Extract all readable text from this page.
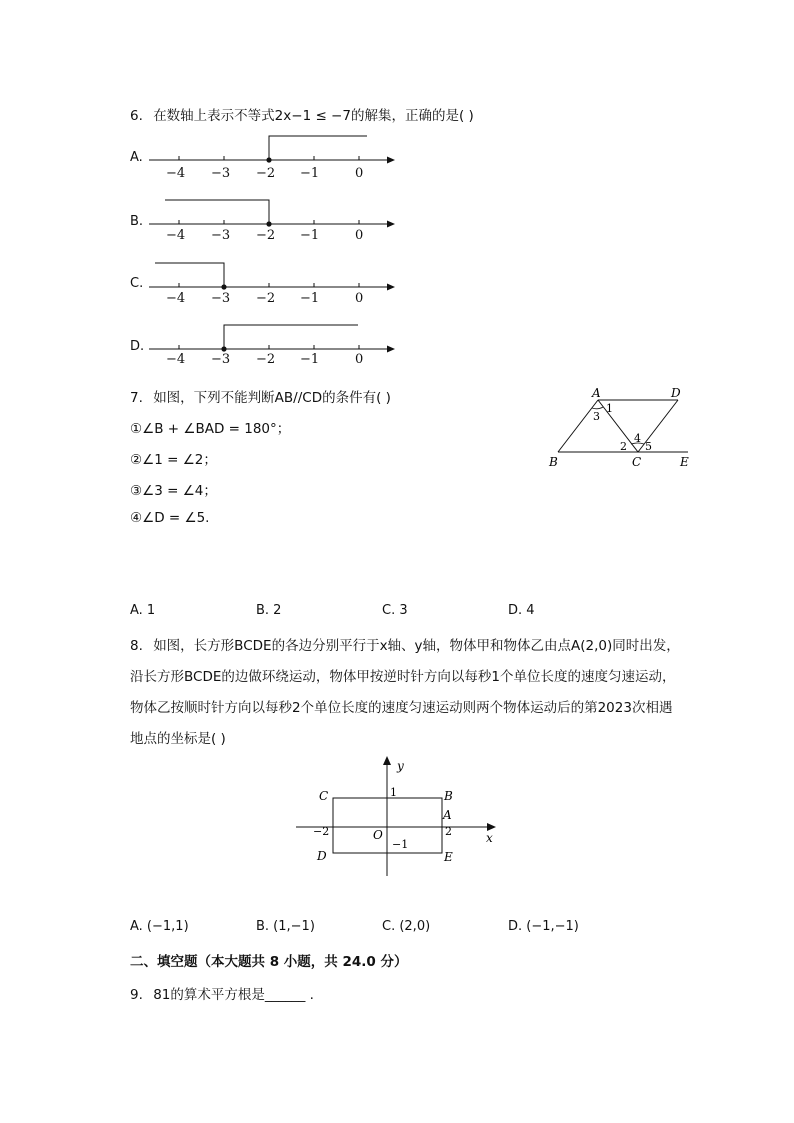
6. 在数轴上表示不等式2x−1 ≤ −7的解集，正确的是( )
A.
−4 −3 −2 −1	0
B.
−4 −3 −2 −1	0
C.
−4 −3 −2 −1	0
D.
−4 −3 −2 −1	0
7. 如图，下列不能判断AB//CD的条件有( )
①∠B + ∠BAD = 180°；
②∠1 = ∠2；
③∠3 = ∠4；
④∠D = ∠5.
A	D
B	C	E
1
3
2
4
5
A. 1	B. 2	C. 3	D. 4
8. 如图，长方形BCDE的各边分别平行于x轴、y轴，物体甲和物体乙由点A(2,0)同时出发，
沿长方形BCDE的边做环绕运动，物体甲按逆时针方向以每秒1个单位长度的速度匀速运动，
物体乙按顺时针方向以每秒2个单位长度的速度匀速运动则两个物体运动后的第2023次相遇
地点的坐标是( )
y
x
C	B
A
D	E
O
1
−1
2
−2
A. (−1,1)	B. (1,−1)	C. (2,0)	D. (−1,−1)
二、填空题（本大题共 8 小题，共 24.0 分）
9. 81的算术平方根是______ .
